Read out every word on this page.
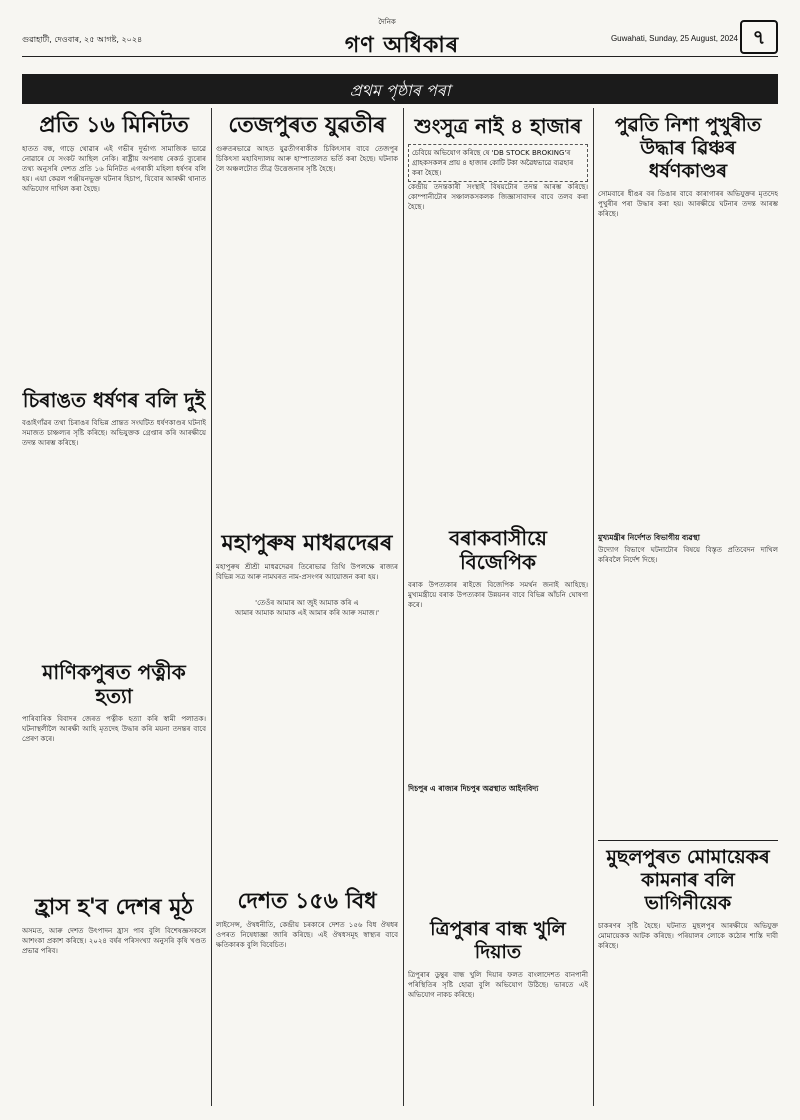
গুৱাহাটী, দেওবাৰ, ২৫ আগষ্ট, ২০২৪
দৈনিক
গণ অধিকাৰ	Guwahati, Sunday, 25 August, 2024 ৭
প্ৰথম পৃষ্ঠাৰ পৰা
প্ৰতি ১৬ মিনিটত
হাতত বন্ধ, গাড়ে থোৱাৰ এই গভীৰ দুৰ্ভাগ্য সামাজিক ভাৱে নোৱাৰে যে সংকট আছিল নেকি। ৰাষ্ট্ৰীয় অপৰাধ ৰেকৰ্ড ব্যুৰোৰ তথ্য অনুসৰি দেশত প্ৰতি ১৬ মিনিটত এগৰাকী মহিলা ধৰ্ষণৰ বলি হয়। এয়া কেৱল পঞ্জীয়নভুক্ত ঘটনাৰ হিচাপ, যিবোৰ আৰক্ষী থানাত অভিযোগ দাখিল কৰা হৈছে।
চিৰাঙত ধৰ্ষণৰ বলি দুই
বঙাইগাঁৱৰ তথা চিৰাঙৰ বিভিন্ন প্ৰান্তত সংঘটিত ধৰ্ষণকাণ্ডৰ ঘটনাই সমাজত চাঞ্চল্যৰ সৃষ্টি কৰিছে। অভিযুক্তক গ্ৰেপ্তাৰ কৰি আৰক্ষীয়ে তদন্ত আৰম্ভ কৰিছে।
মাণিকপুৰত পত্নীক হত্যা
পাৰিবাৰিক বিবাদৰ জেৰত পত্নীক হত্যা কৰি স্বামী পলাতক। ঘটনাস্থলীলৈ আৰক্ষী আহি মৃতদেহ উদ্ধাৰ কৰি ময়না তদন্তৰ বাবে প্ৰেৰণ কৰে।
হ্ৰাস হ'ব দেশৰ মূঠ
অসমত, আৰু দেশত উৎপাদন হ্ৰাস পাব বুলি বিশেষজ্ঞসকলে আশংকা প্ৰকাশ কৰিছে। ২০২৪ বৰ্ষৰ পৰিসংখ্যা অনুসৰি কৃষি খণ্ডত প্ৰভাৱ পৰিব।
তেজপুৰত যুৱতীৰ
গুৰুতৰভাৱে আহত যুৱতীগৰাকীক চিকিৎসাৰ বাবে তেজপুৰ চিকিৎসা মহাবিদ্যালয় আৰু হাস্পাতালত ভৰ্তি কৰা হৈছে। ঘটনাক লৈ অঞ্চলটোত তীব্ৰ উত্তেজনাৰ সৃষ্টি হৈছে।
মহাপুৰুষ মাধৱদেৱৰ
মহাপুৰুষ শ্ৰীশ্ৰী মাধৱদেৱৰ তিৰোভাৱ তিথি উপলক্ষে ৰাজ্যৰ বিভিন্ন সত্ৰ আৰু নামঘৰত নাম-প্ৰসংগৰ আয়োজন কৰা হয়।
'তেওঁৰ আমাৰ আ জুই আমাক কৰি এ
আমাৰ আমাক আমাক এই আমাৰ কৰি আৰু সমাজ।'
দেশত ১৫৬ বিধ
লাইসেন্স, ঔষধনীতি, কেন্দ্ৰীয় চৰকাৰে দেশত ১৫৬ বিধ ঔষধৰ ওপৰত নিষেধাজ্ঞা জাৰি কৰিছে। এই ঔষধসমূহ স্বাস্থ্যৰ বাবে ক্ষতিকাৰক বুলি বিবেচিত।
শুংসুত্ৰ নাই ৪ হাজাৰ
চেবিয়ে অভিযোগ কৰিছে ষে 'DB STOCK BROKING'ৰ গ্ৰাহকসকলৰ প্ৰায় ৪ হাজাৰ কোটি টকা অৱৈধভাৱে ব্যৱহাৰ কৰা হৈছে।
কেন্দ্ৰীয় তদন্তকাৰী সংস্থাই বিষয়টোৰ তদন্ত আৰম্ভ কৰিছে। কোম্পানীটোৰ সঞ্চালকসকলক জিজ্ঞাসাবাদৰ বাবে তলব কৰা হৈছে।
বৰাকবাসীয়ে বিজেপিক
বৰাক উপত্যকাৰ ৰাইজে বিজেপিক সমৰ্থন জনাই আহিছে। মুখ্যমন্ত্ৰীয়ে বৰাক উপত্যকাৰ উন্নয়নৰ বাবে বিভিন্ন আঁচনি ঘোষণা কৰে।
দিচপুৰ এ ৰাজ্যৰ দিচপুৰ অৱস্থাত আইনবিদ্য
ত্ৰিপুৰাৰ বান্ধ খুলি দিয়াত
ত্ৰিপুৰাৰ ডুম্বুৰ বান্ধ খুলি দিয়াৰ ফলত বাংলাদেশত বানপানী পৰিস্থিতিৰ সৃষ্টি হোৱা বুলি অভিযোগ উঠিছে। ভাৰতে এই অভিযোগ নাকচ কৰিছে।
পুৱতি নিশা পুখুৰীত উদ্ধাৰ ৱিঞ্চৰ ধৰ্ষণকাণ্ডৰ
সোমবাৰে ধীঙৰ বৰ ডিঙাৰ বাবে কাৰাগাৰৰ অভিযুক্তৰ মৃতদেহ পুখুৰীৰ পৰা উদ্ধাৰ কৰা হয়। আৰক্ষীয়ে ঘটনাৰ তদন্ত আৰম্ভ কৰিছে।
মুখ্যমন্ত্ৰীৰ নিৰ্দেশত বিভাগীয় ব্যৱস্থা
উদ্যোগ বিভাগে ঘটনাটোৰ বিষয়ে বিস্তৃত প্ৰতিবেদন দাখিল কৰিবলৈ নিৰ্দেশ দিছে।
মুছলপুৰত মোমায়েকৰ কামনাৰ বলি ভাগিনীয়েক
চাকৰণৰ সৃষ্টি হৈছে। ঘটনাত মুছলপুৰ আৰক্ষীয়ে অভিযুক্ত মোমায়েকক আটক কৰিছে। পৰিয়ালৰ লোকে কঠোৰ শাস্তি দাবী কৰিছে।
